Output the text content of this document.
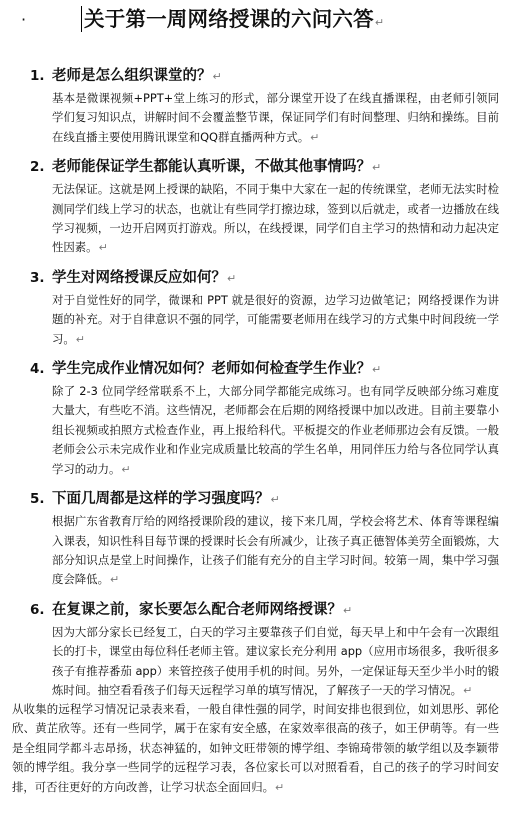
·	关于第一周网络授课的六问六答↵
1. 老师是怎么组织课堂的？↵
基本是微课视频+PPT+堂上练习的形式，部分课堂开设了在线直播课程，由老师引领同学们复习知识点，讲解时间不会覆盖整节课，保证同学们有时间整理、归纳和操练。目前在线直播主要使用腾讯课堂和QQ群直播两种方式。↵
2. 老师能保证学生都能认真听课，不做其他事情吗？↵
无法保证。这就是网上授课的缺陷，不同于集中大家在一起的传统课堂，老师无法实时检测同学们线上学习的状态，也就让有些同学打擦边球，签到以后就走，或者一边播放在线学习视频，一边开启网页打游戏。所以，在线授课，同学们自主学习的热情和动力起决定性因素。↵
3. 学生对网络授课反应如何？↵
对于自觉性好的同学，微课和 PPT 就是很好的资源，边学习边做笔记；网络授课作为讲题的补充。对于自律意识不强的同学，可能需要老师用在线学习的方式集中时间段统一学习。↵
4. 学生完成作业情况如何？老师如何检查学生作业？↵
除了 2-3 位同学经常联系不上，大部分同学都能完成练习。也有同学反映部分练习难度大量大，有些吃不消。这些情况，老师都会在后期的网络授课中加以改进。目前主要靠小组长视频或拍照方式检查作业，再上报给科代。平板提交的作业老师那边会有反馈。一般老师会公示未完成作业和作业完成质量比较高的学生名单，用同伴压力给与各位同学认真学习的动力。↵
5. 下面几周都是这样的学习强度吗？↵
根据广东省教育厅给的网络授课阶段的建议，接下来几周，学校会将艺术、体育等课程编入课表，知识性科目每节课的授课时长会有所减少，让孩子真正德智体美劳全面锻炼，大部分知识点是堂上时间操作，让孩子们能有充分的自主学习时间。较第一周，集中学习强度会降低。↵
6. 在复课之前，家长要怎么配合老师网络授课？↵
因为大部分家长已经复工，白天的学习主要靠孩子们自觉，每天早上和中午会有一次跟组长的打卡，课堂由每位科任老师主管。建议家长充分利用 app（应用市场很多，我听很多孩子有推荐番茄 app）来管控孩子使用手机的时间。另外，一定保证每天至少半小时的锻炼时间。抽空看看孩子们每天远程学习单的填写情况，了解孩子一天的学习情况。↵
从收集的远程学习情况记录表来看，一般自律性强的同学，时间安排也很到位，如刘思彤、郭伦欣、黄芷欣等。还有一些同学，属于在家有安全感，在家效率很高的孩子，如王伊萌等。有一些是全组同学都斗志昂扬，状态神猛的，如钟文旺带领的博学组、李锦琦带领的敏学组以及李颖带领的博学组。我分享一些同学的远程学习表，各位家长可以对照看看，自己的孩子的学习时间安排，可否往更好的方向改善，让学习状态全面回归。↵
